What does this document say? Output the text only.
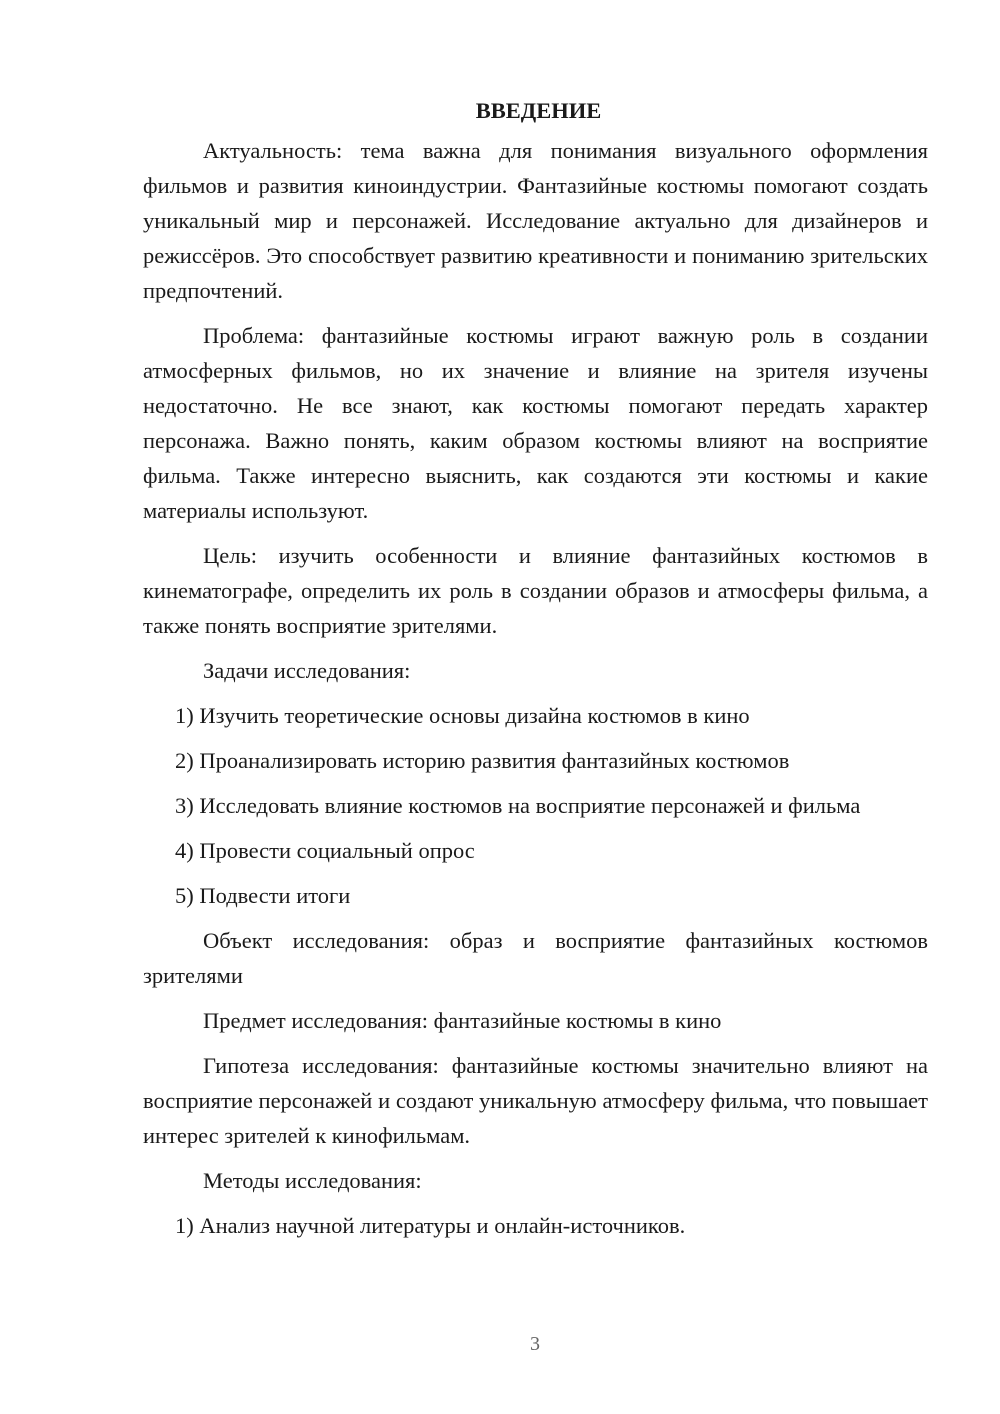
ВВЕДЕНИЕ

Актуальность: тема важна для понимания визуального оформления фильмов и развития киноиндустрии. Фантазийные костюмы помогают создать уникальный мир и персонажей. Исследование актуально для дизайнеров и режиссёров. Это способствует развитию креативности и пониманию зрительских предпочтений.

Проблема: фантазийные костюмы играют важную роль в создании атмосферных фильмов, но их значение и влияние на зрителя изучены недостаточно. Не все знают, как костюмы помогают передать характер персонажа. Важно понять, каким образом костюмы влияют на восприятие фильма. Также интересно выяснить, как создаются эти костюмы и какие материалы используют.

Цель: изучить особенности и влияние фантазийных костюмов в кинематографе, определить их роль в создании образов и атмосферы фильма, а также понять восприятие зрителями.

Задачи исследования:

1) Изучить теоретические основы дизайна костюмов в кино

2) Проанализировать историю развития фантазийных костюмов

3) Исследовать влияние костюмов на восприятие персонажей и фильма

4) Провести социальный опрос

5) Подвести итоги

Объект исследования: образ и восприятие фантазийных костюмов зрителями

Предмет исследования: фантазийные костюмы в кино

Гипотеза исследования: фантазийные костюмы значительно влияют на восприятие персонажей и создают уникальную атмосферу фильма, что повышает интерес зрителей к кинофильмам.

Методы исследования:

1) Анализ научной литературы и онлайн-источников.

3
